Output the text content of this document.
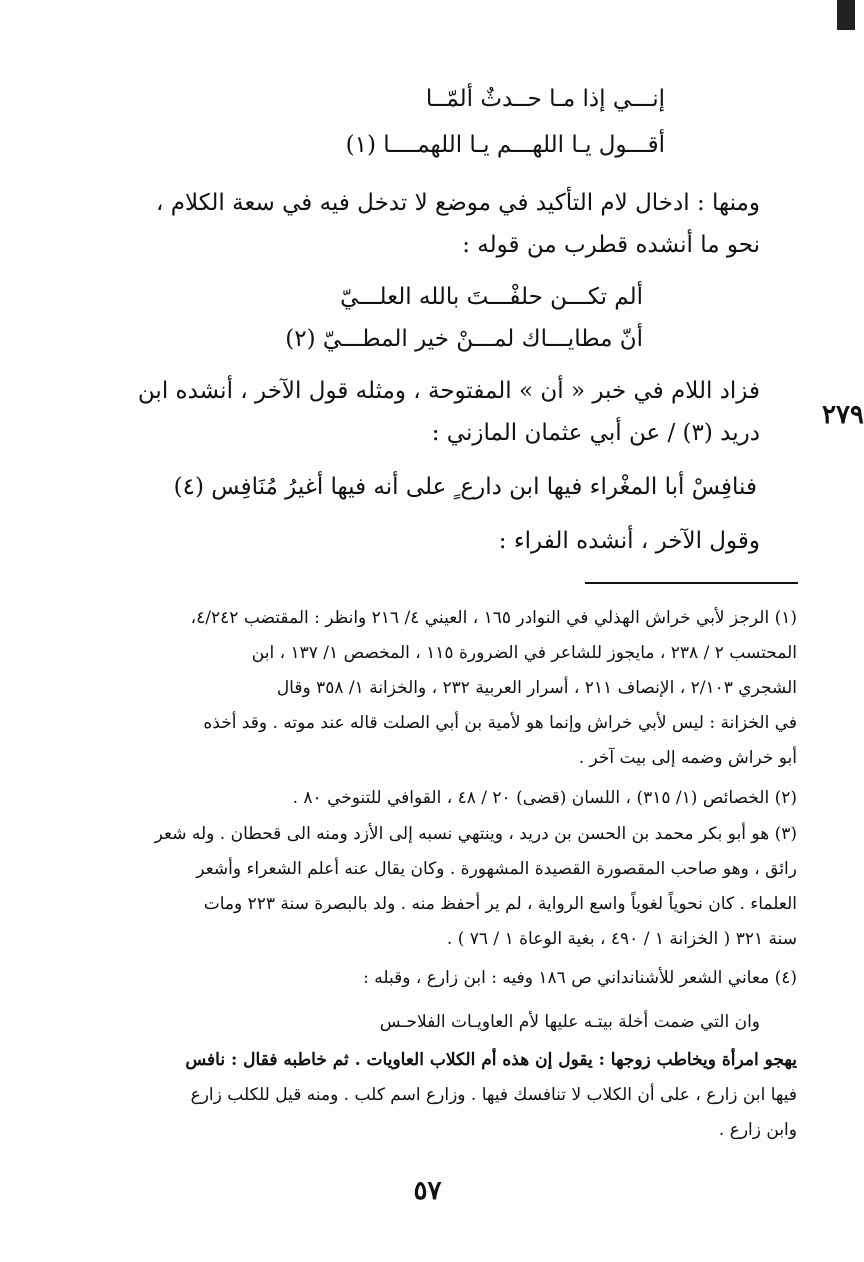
إنـــي إذا مـا حــدثٌ ألمّــا
أقـــول يـا اللهـــم يـا اللهمــــا (١)
ومنها : ادخال لام التأكيد في موضع لا تدخل فيه في سعة الكلام ،
نحو ما أنشده قطرب من قوله :
ألم تكـــن حلفْـــتَ بالله العلـــيّ
أنّ مطايـــاك لمـــنْ خير المطـــيّ (٢)
فزاد اللام في خبر « أن » المفتوحة ، ومثله قول الآخر ، أنشده ابن
دريد (٣) / عن أبي عثمان المازني :
٢٧٩
فنافِسْ أبا المغْراء فيها ابن دارع ٍ على أنه فيها أغيرُ مُنَافِس (٤)
وقول الآخر ، أنشده الفراء :
(١) الرجز لأبي خراش الهذلي في النوادر ١٦٥ ، العيني ٤/ ٢١٦ وانظر : المقتضب ٤/٢٤٢،
المحتسب ٢ / ٢٣٨ ، مايجوز للشاعر في الضرورة ١١٥ ، المخصص ١/ ١٣٧ ، ابن
الشجري ٢/١٠٣ ، الإنصاف ٢١١ ، أسرار العربية ٢٣٢ ، والخزانة ١/ ٣٥٨ وقال
في الخزانة : ليس لأبي خراش وإنما هو لأمية بن أبي الصلت قاله عند موته . وقد أخذه
أبو خراش وضمه إلى بيت آخر .
(٢) الخصائص (١/ ٣١٥) ، اللسان (قضى) ٢٠ / ٤٨ ، القوافي للتنوخي ٨٠ .
(٣) هو أبو بكر محمد بن الحسن بن دريد ، وينتهي نسبه إلى الأزد ومنه الى قحطان . وله شعر
رائق ، وهو صاحب المقصورة القصيدة المشهورة . وكان يقال عنه أعلم الشعراء وأشعر
العلماء . كان نحوياً لغوياً واسع الرواية ، لم ير أحفظ منه . ولد بالبصرة سنة ٢٢٣ ومات
سنة ٣٢١ ( الخزانة ١ / ٤٩٠ ، بغية الوعاة ١ / ٧٦ ) .
(٤) معاني الشعر للأشنانداني ص ١٨٦ وفيه : ابن زارع ، وقبله :
وان التي ضمت أخلة بيتـه عليها لأم العاويـات الفلاحـس
يهجو امرأة ويخاطب زوجها : يقول إن هذه أم الكلاب العاويات . ثم خاطبه فقال : نافس
فيها ابن زارع ، على أن الكلاب لا تنافسك فيها . وزارع اسم كلب . ومنه قيل للكلب زارع
وابن زارع .
٥٧
